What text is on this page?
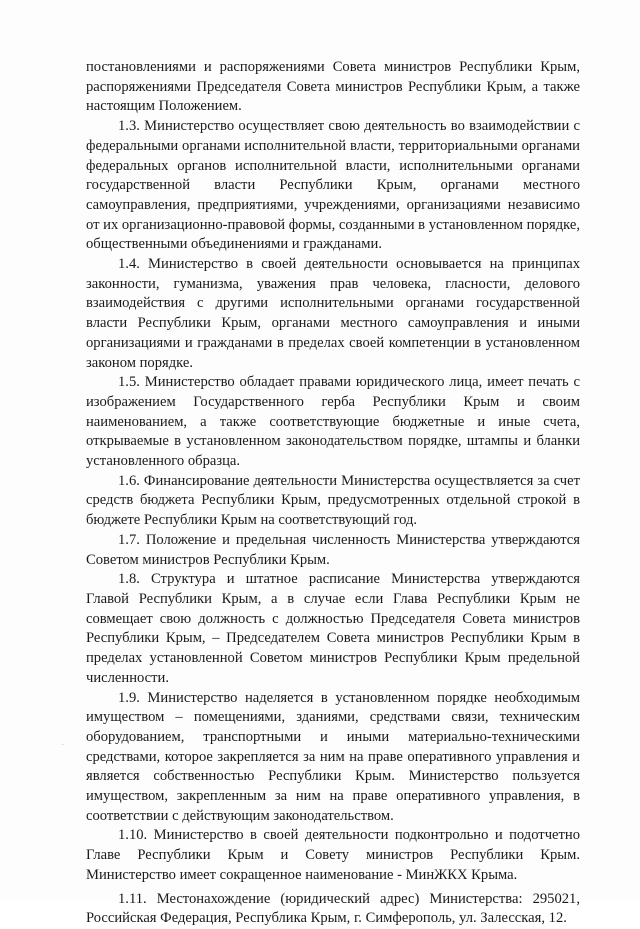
постановлениями и распоряжениями Совета министров Республики Крым, распоряжениями Председателя Совета министров Республики Крым, а также настоящим Положением.

1.3. Министерство осуществляет свою деятельность во взаимодействии с федеральными органами исполнительной власти, территориальными органами федеральных органов исполнительной власти, исполнительными органами государственной власти Республики Крым, органами местного самоуправления, предприятиями, учреждениями, организациями независимо от их организационно-правовой формы, созданными в установленном порядке, общественными объединениями и гражданами.

1.4. Министерство в своей деятельности основывается на принципах законности, гуманизма, уважения прав человека, гласности, делового взаимодействия с другими исполнительными органами государственной власти Республики Крым, органами местного самоуправления и иными организациями и гражданами в пределах своей компетенции в установленном законом порядке.

1.5. Министерство обладает правами юридического лица, имеет печать с изображением Государственного герба Республики Крым и своим наименованием, а также соответствующие бюджетные и иные счета, открываемые в установленном законодательством порядке, штампы и бланки установленного образца.

1.6. Финансирование деятельности Министерства осуществляется за счет средств бюджета Республики Крым, предусмотренных отдельной строкой в бюджете Республики Крым на соответствующий год.

1.7. Положение и предельная численность Министерства утверждаются Советом министров Республики Крым.

1.8. Структура и штатное расписание Министерства утверждаются Главой Республики Крым, а в случае если Глава Республики Крым не совмещает свою должность с должностью Председателя Совета министров Республики Крым, – Председателем Совета министров Республики Крым в пределах установленной Советом министров Республики Крым предельной численности.

1.9. Министерство наделяется в установленном порядке необходимым имуществом – помещениями, зданиями, средствами связи, техническим оборудованием, транспортными и иными материально-техническими средствами, которое закрепляется за ним на праве оперативного управления и является собственностью Республики Крым. Министерство пользуется имуществом, закрепленным за ним на праве оперативного управления, в соответствии с действующим законодательством.

1.10. Министерство в своей деятельности подконтрольно и подотчетно Главе Республики Крым и Совету министров Республики Крым. Министерство имеет сокращенное наименование - МинЖКХ Крыма.

1.11. Местонахождение (юридический адрес) Министерства: 295021, Российская Федерация, Республика Крым, г. Симферополь, ул. Залесская, 12.

·
